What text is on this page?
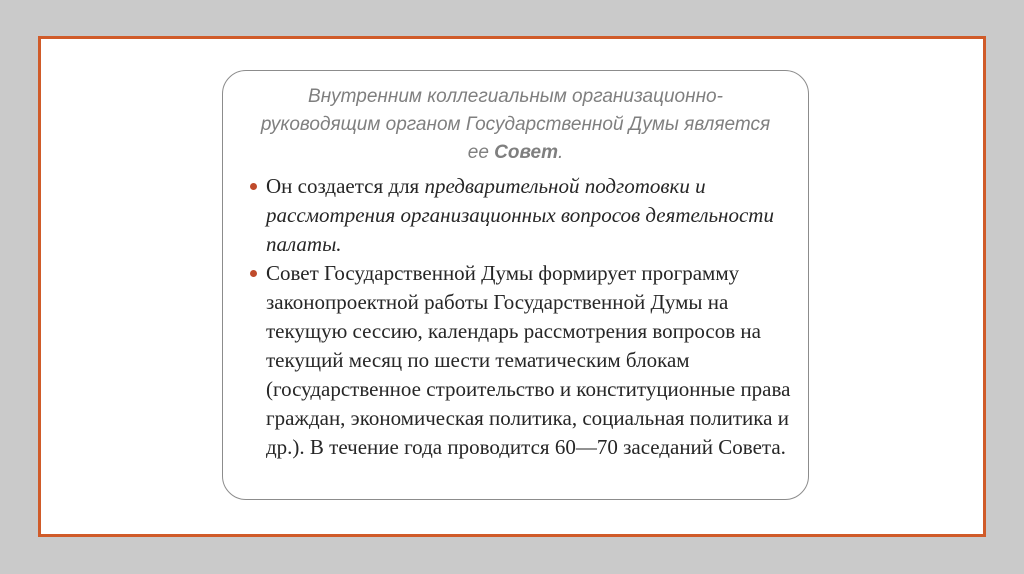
Внутренним коллегиальным организационно-
руководящим органом Государственной Думы является
ее Совет.
Он создается для предварительной подготовки и рассмотрения организационных вопросов деятельности палаты.
Совет Государственной Думы формирует программу законопроектной работы Государственной Думы на текущую сессию, календарь рассмотрения вопросов на текущий месяц по шести тематическим блокам (государственное строительство и конституционные права граждан, экономическая политика, социальная политика и др.). В течение года проводится 60—70 заседаний Совета.
